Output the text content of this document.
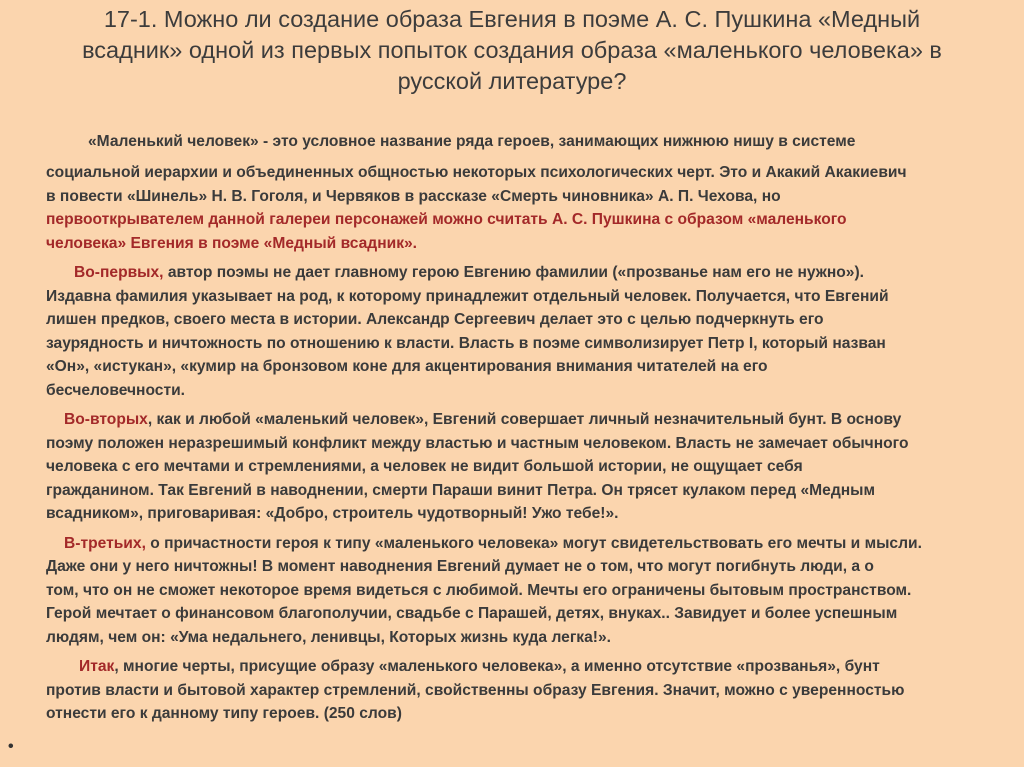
17-1. Можно ли создание образа Евгения в поэме А. С. Пушкина «Медный
всадник» одной из первых попыток создания образа «маленького человека» в
русской литературе?
«Маленький человек» - это условное название ряда героев, занимающих нижнюю нишу в системе
социальной иерархии и объединенных общностью некоторых психологических черт. Это и Акакий Акакиевич
в повести «Шинель» Н. В. Гоголя, и Червяков в рассказе «Смерть чиновника» А. П. Чехова, но
первооткрывателем данной галереи персонажей можно считать А. С. Пушкина с образом «маленького
человека» Евгения в поэме «Медный всадник».
Во-первых, автор поэмы не дает главному герою Евгению фамилии («прозванье нам его не нужно»).
Издавна фамилия указывает на род, к которому принадлежит отдельный человек. Получается, что Евгений
лишен предков, своего места в истории. Александр Сергеевич делает это с целью подчеркнуть его
заурядность и ничтожность по отношению к власти. Власть в поэме символизирует Петр I, который назван
«Он», «истукан», «кумир на бронзовом коне для акцентирования внимания читателей на его
бесчеловечности.
Во-вторых, как и любой «маленький человек», Евгений совершает личный незначительный бунт. В основу
поэму положен неразрешимый конфликт между властью и частным человеком. Власть не замечает обычного
человека с его мечтами и стремлениями, а человек не видит большой истории, не ощущает себя
гражданином. Так Евгений в наводнении, смерти Параши винит Петра. Он трясет кулаком перед «Медным
всадником», приговаривая: «Добро, строитель чудотворный! Ужо тебе!».
В-третьих, о причастности героя к типу «маленького человека» могут свидетельствовать его мечты и мысли.
Даже они у него ничтожны! В момент наводнения Евгений думает не о том, что могут погибнуть люди, а о
том, что он не сможет некоторое время видеться с любимой. Мечты его ограничены бытовым пространством.
Герой мечтает о финансовом благополучии, свадьбе с Парашей, детях, внуках.. Завидует и более успешным
людям, чем он: «Ума недальнего, ленивцы, Которых жизнь куда легка!».
Итак, многие черты, присущие образу «маленького человека», а именно отсутствие «прозванья», бунт
против власти и бытовой характер стремлений, свойственны образу Евгения. Значит, можно с уверенностью
отнести его к данному типу героев. (250 слов)
•
